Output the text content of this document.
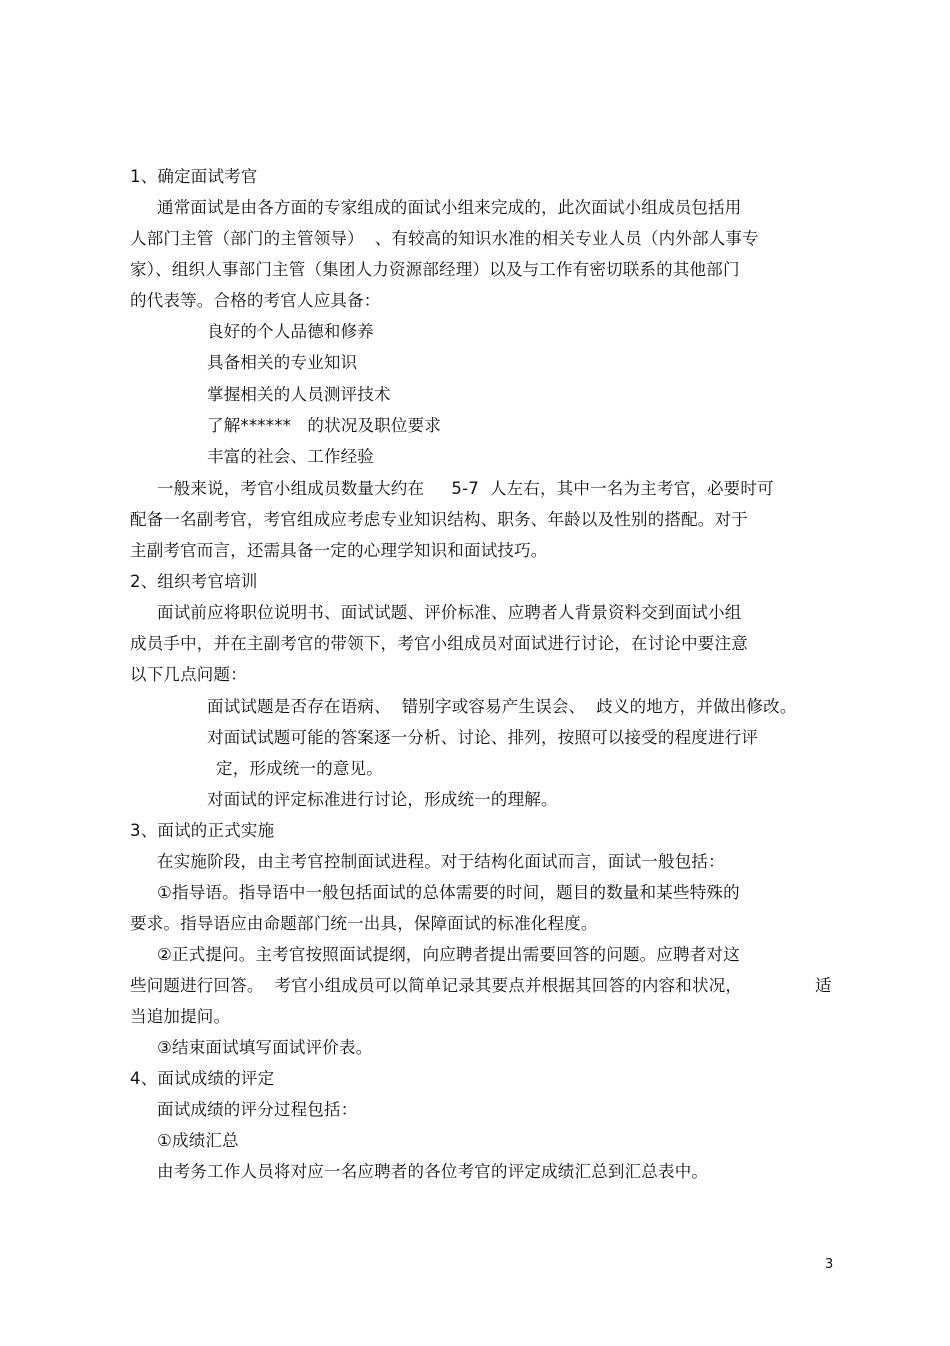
1、确定面试考官
通常面试是由各方面的专家组成的面试小组来完成的，此次面试小组成员包括用
人部门主管（部门的主管领导）  、有较高的知识水准的相关专业人员（内外部人事专
家）、组织人事部门主管（集团人力资源部经理）以及与工作有密切联系的其他部门
的代表等。合格的考官人应具备：
良好的个人品德和修养
具备相关的专业知识
掌握相关的人员测评技术
了解******   的状况及职位要求
丰富的社会、工作经验
一般来说，考官小组成员数量大约在     5-7  人左右，其中一名为主考官，必要时可
配备一名副考官，考官组成应考虑专业知识结构、职务、年龄以及性别的搭配。对于
主副考官而言，还需具备一定的心理学知识和面试技巧。
2、组织考官培训
面试前应将职位说明书、面试试题、评价标准、应聘者人背景资料交到面试小组
成员手中，并在主副考官的带领下，考官小组成员对面试进行讨论，在讨论中要注意
以下几点问题：
面试试题是否存在语病、  错别字或容易产生误会、  歧义的地方，并做出修改。
对面试试题可能的答案逐一分析、讨论、排列，按照可以接受的程度进行评
定，形成统一的意见。
对面试的评定标准进行讨论，形成统一的理解。
3、面试的正式实施
在实施阶段，由主考官控制面试进程。对于结构化面试而言，面试一般包括：
①指导语。指导语中一般包括面试的总体需要的时间，题目的数量和某些特殊的
要求。指导语应由命题部门统一出具，保障面试的标准化程度。
②正式提问。主考官按照面试提纲，向应聘者提出需要回答的问题。应聘者对这
些问题进行回答。  考官小组成员可以简单记录其要点并根据其回答的内容和状况，	适
当追加提问。
③结束面试填写面试评价表。
4、面试成绩的评定
面试成绩的评分过程包括：
①成绩汇总
由考务工作人员将对应一名应聘者的各位考官的评定成绩汇总到汇总表中。
3
